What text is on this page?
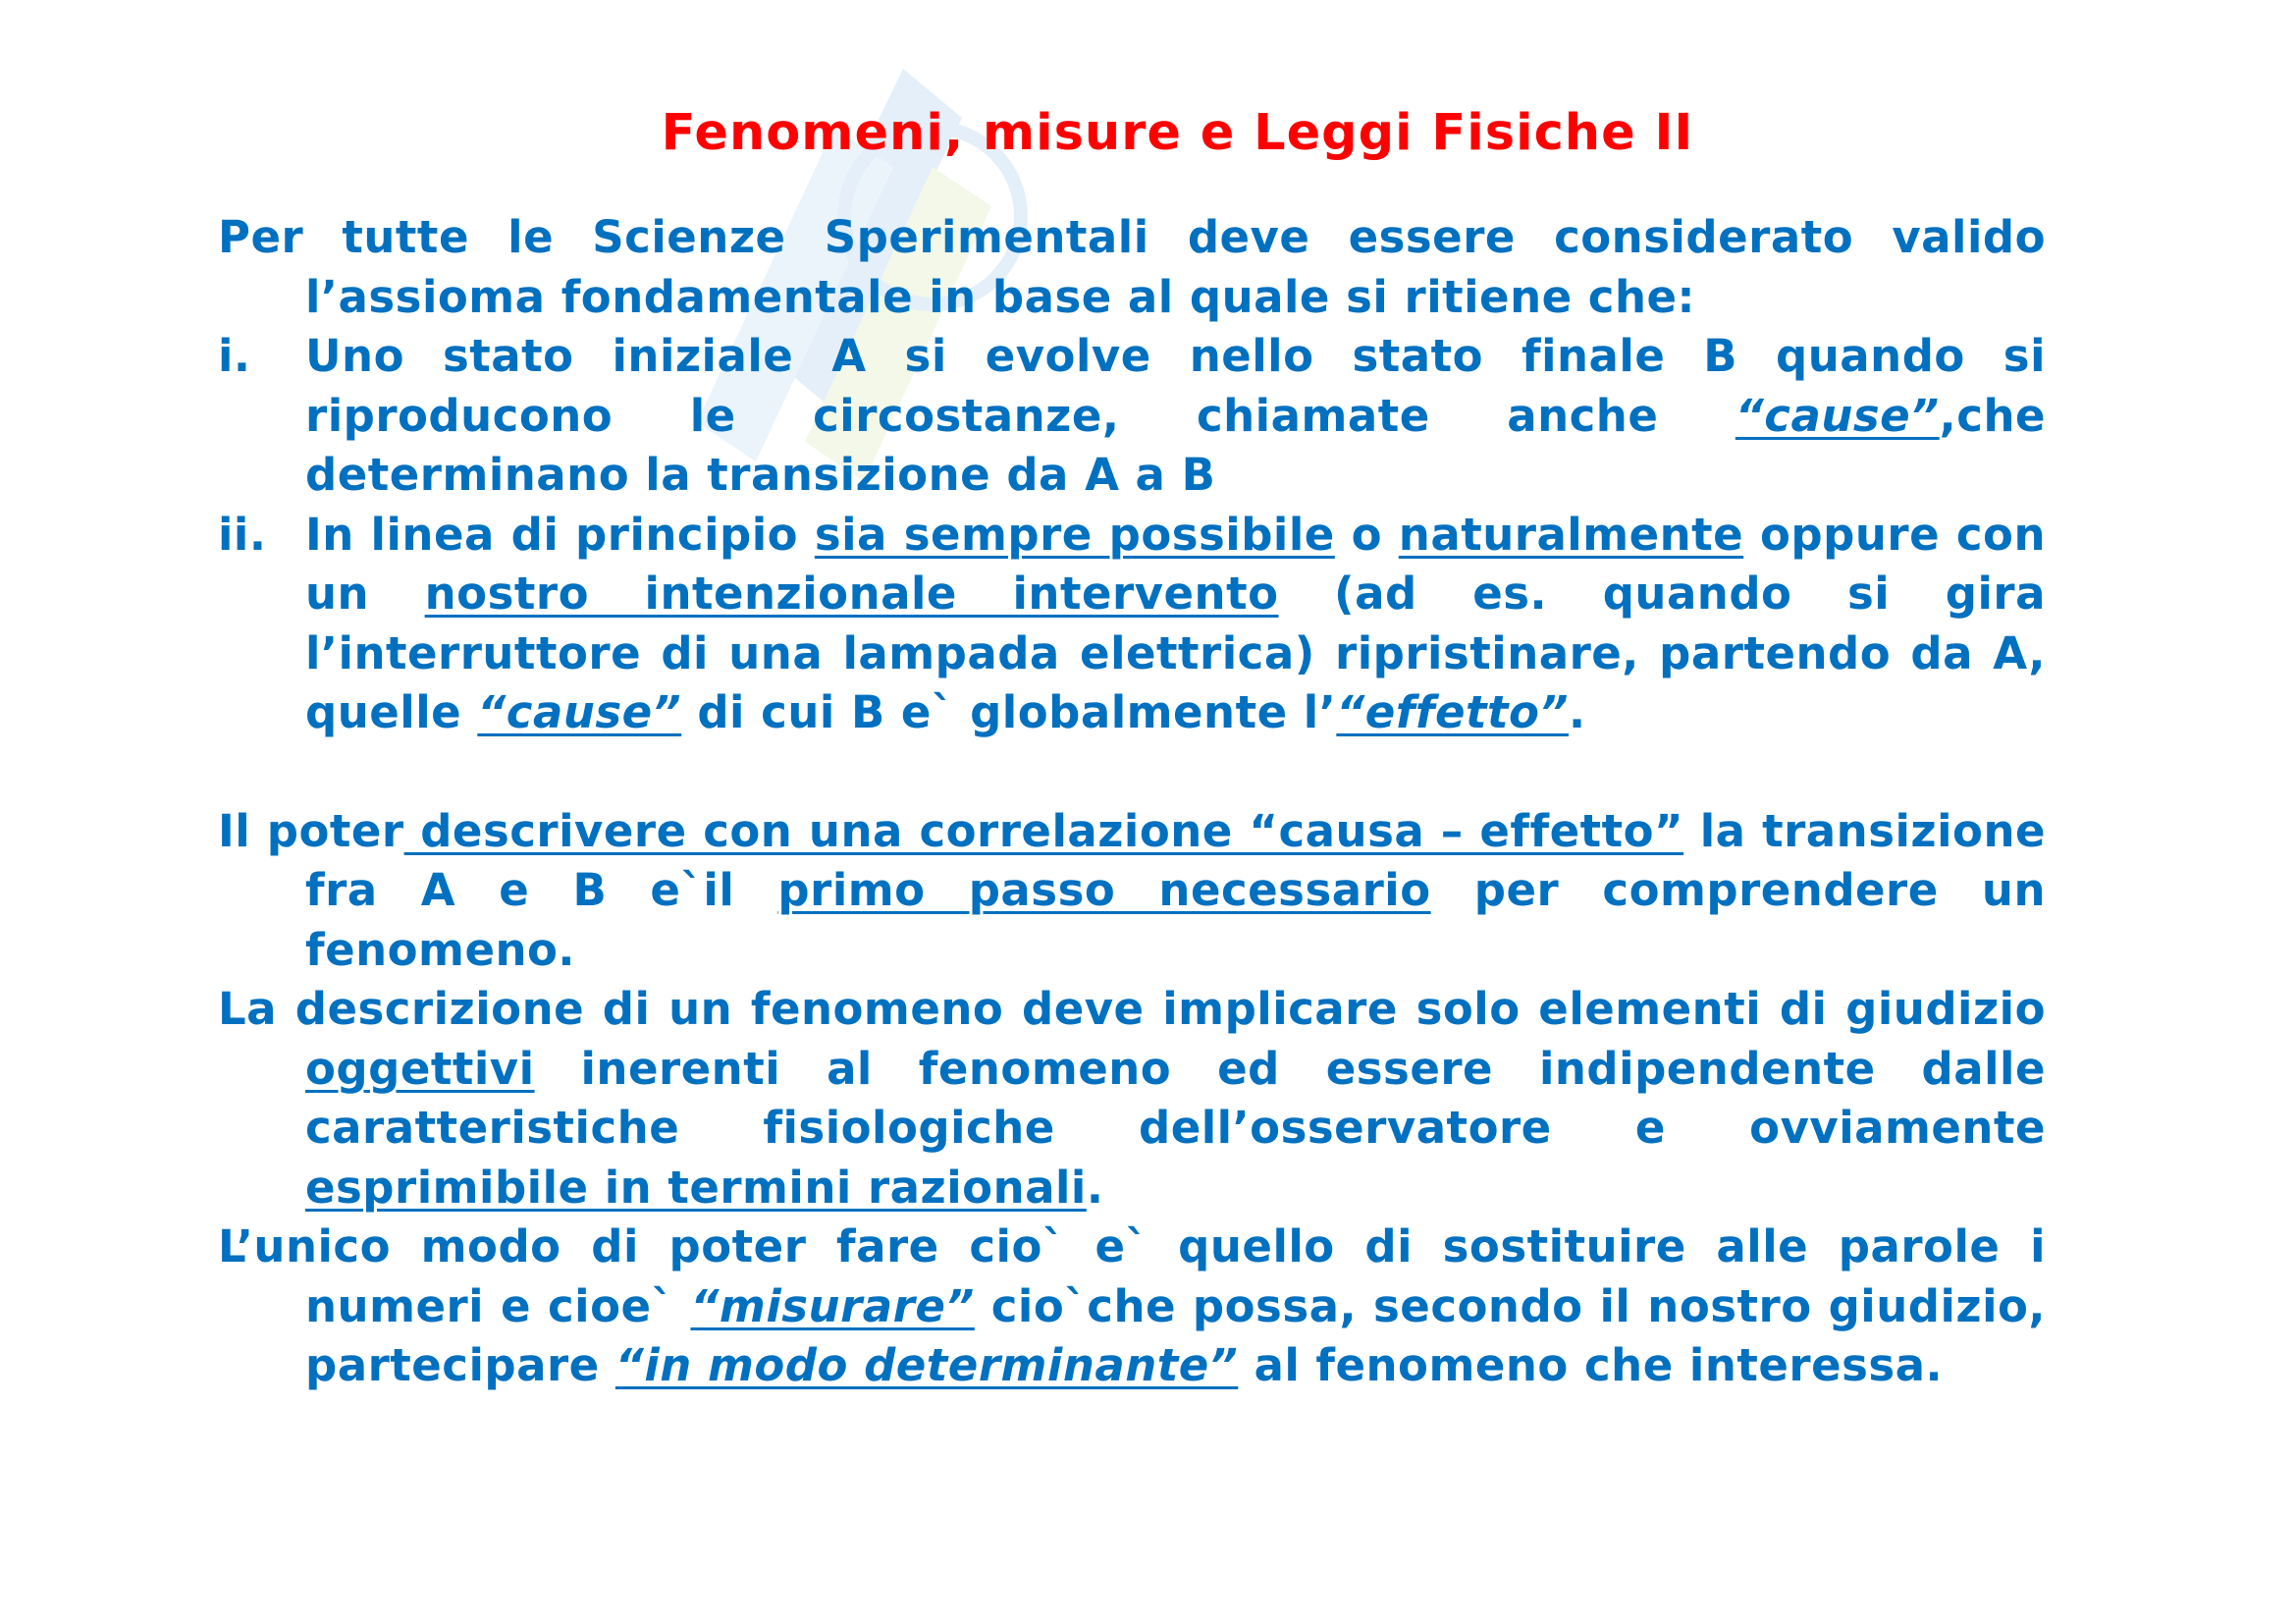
Fenomeni, misure e Leggi Fisiche II
Per tutte le Scienze Sperimentali deve essere considerato valido l’assioma fondamentale in base al quale si ritiene che:
i. Uno stato iniziale A si evolve nello stato finale B quando si riproducono le circostanze, chiamate anche “cause”,che determinano la transizione da A a B
ii. In linea di principio sia sempre possibile o naturalmente oppure con un nostro intenzionale intervento (ad es. quando si gira l’interruttore di una lampada elettrica) ripristinare, partendo da A, quelle “cause” di cui B e` globalmente l’“effetto”.
Il poter descrivere con una correlazione “causa – effetto” la transizione fra A e B e`il primo passo necessario per comprendere un fenomeno.
La descrizione di un fenomeno deve implicare solo elementi di giudizio oggettivi inerenti al fenomeno ed essere indipendente dalle caratteristiche fisiologiche dell’osservatore e ovviamente esprimibile in termini razionali.
L’unico modo di poter fare cio` e` quello di sostituire alle parole i numeri e cioe` “misurare” cio`che possa, secondo il nostro giudizio, partecipare “in modo determinante” al fenomeno che interessa.
